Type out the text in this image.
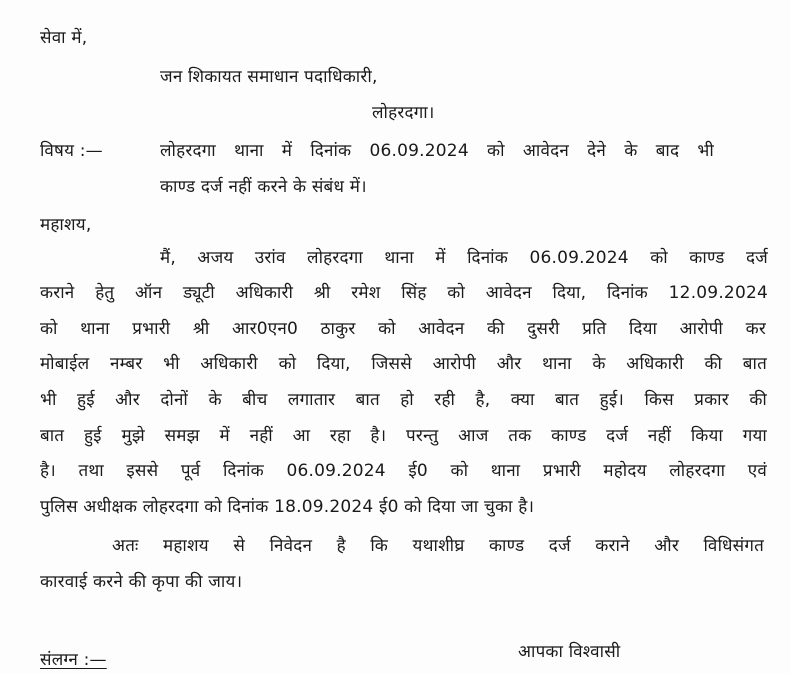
सेवा में,
जन शिकायत समाधान पदाधिकारी,
लोहरदगा।
विषय :—	लोहरदगा थाना में दिनांक 06.09.2024 को आवेदन देने के बाद भी
काण्ड दर्ज नहीं करने के संबंध में।
महाशय,
मैं, अजय उरांव लोहरदगा थाना में दिनांक 06.09.2024 को काण्ड दर्ज
कराने हेतु ऑन ड्यूटी अधिकारी श्री रमेश सिंह को आवेदन दिया, दिनांक 12.09.2024
को थाना प्रभारी श्री आर0एन0 ठाकुर को आवेदन की दुसरी प्रति दिया आरोपी कर
मोबाईल नम्बर भी अधिकारी को दिया, जिससे आरोपी और थाना के अधिकारी की बात
भी हुई और दोनों के बीच लगातार बात हो रही है, क्या बात हुई। किस प्रकार की
बात हुई मुझे समझ में नहीं आ रहा है। परन्तु आज तक काण्ड दर्ज नहीं किया गया
है। तथा इससे पूर्व दिनांक 06.09.2024 ई0 को थाना प्रभारी महोदय लोहरदगा एवं
पुलिस अधीक्षक लोहरदगा को दिनांक 18.09.2024 ई0 को दिया जा चुका है।
अतः महाशय से निवेदन है कि यथाशीघ्र काण्ड दर्ज कराने और विधिसंगत
कारवाई करने की कृपा की जाय।
आपका विश्वासी
संलग्न :—
